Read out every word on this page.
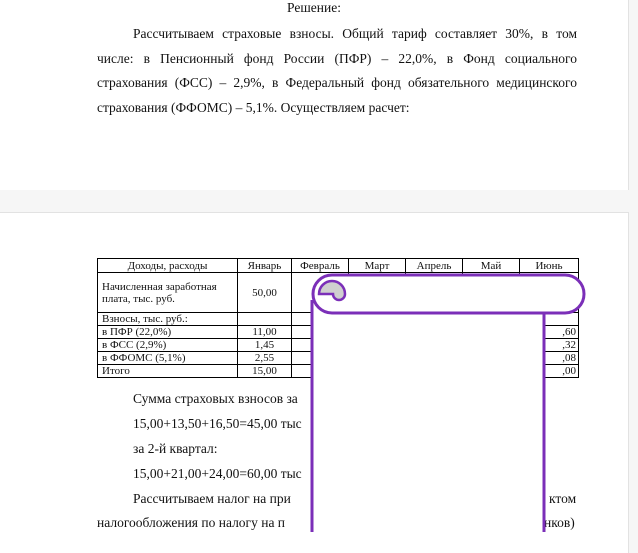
Решение:

Рассчитываем страховые взносы. Общий тариф составляет 30%, в том числе: в Пенсионный фонд России (ПФР) – 22,0%, в Фонд социального страхования (ФСС) – 2,9%, в Федеральный фонд обязательного медицинского страхования (ФФОМС) – 5,1%. Осуществляем расчет:

Доходы, расходы	Январь	Февраль	Март	Апрель	Май	Июнь
Начисленная заработная плата, тыс. руб.	50,00					
Взносы, тыс. руб.:						
в ПФР (22,0%)	11,00					,60
в ФСС (2,9%)	1,45					,32
в ФФОМС (5,1%)	2,55					,08
Итого	15,00					,00

Сумма страховых взносов за

15,00+13,50+16,50=45,00 тыс

за 2-й квартал:

15,00+21,00+24,00=60,00 тыс

Рассчитываем налог на при	ктом

налогообложения по налогу на п	нков)
